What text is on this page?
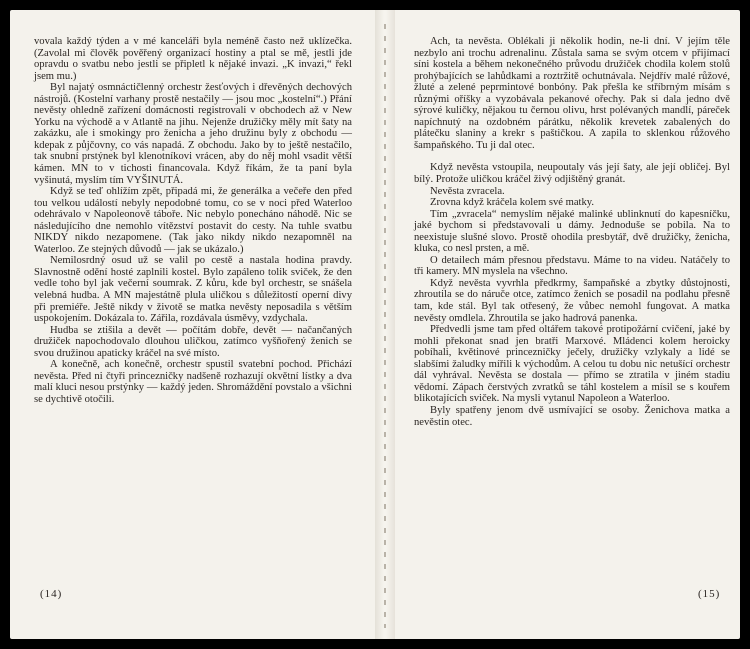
vovala každý týden a v mé kanceláři byla neméně často než uklízečka. (Zavolal mi člověk pověřený organizací hostiny a ptal se mě, jestli jde opravdu o svatbu nebo jestli se připletl k nějaké invazi. „K invazi,“ řekl jsem mu.)

Byl najatý osmnáctičlenný orchestr žesťových i dřevěných dechových nástrojů. (Kostelní varhany prostě nestačily — jsou moc „kostelní“.) Přání nevěsty ohledně zařízení domácnosti registrovali v obchodech až v New Yorku na východě a v Atlantě na jihu. Nejenže družičky měly mít šaty na zakázku, ale i smokingy pro ženicha a jeho družinu byly z obchodu — kdepak z půjčovny, co vás napadá. Z obchodu. Jako by to ještě nestačilo, tak snubní prstýnek byl klenotníkovi vrácen, aby do něj mohl vsadit větší kámen. MN to v tichosti financovala. Když říkám, že ta paní byla vyšinutá, myslím tím VYŠINUTÁ.

Když se teď ohlížím zpět, připadá mi, že generálka a večeře den před tou velkou událostí nebyly nepodobné tomu, co se v noci před Waterloo odehrávalo v Napoleonově táboře. Nic nebylo ponecháno náhodě. Nic se následujícího dne nemohlo vítězství postavit do cesty. Na tuhle svatbu NIKDY nikdo nezapomene. (Tak jako nikdy nikdo nezapomněl na Waterloo. Ze stejných důvodů — jak se ukázalo.)

Nemilosrdný osud už se valil po cestě a nastala hodina pravdy. Slavnostně odění hosté zaplnili kostel. Bylo zapáleno tolik sviček, že den vedle toho byl jak večerní soumrak. Z kůru, kde byl orchestr, se snášela velebná hudba. A MN majestátně plula uličkou s důležitostí operní divy při premiéře. Ještě nikdy v životě se matka nevěsty neposadila s větším uspokojením. Dokázala to. Zářila, rozdávala úsměvy, vzdychala.

Hudba se ztišila a devět — počítám dobře, devět — načančaných družiček napochodovalo dlouhou uličkou, zatímco vyšňořený ženich se svou družinou apaticky kráčel na své místo.

A konečně, ach konečně, orchestr spustil svatební pochod. Přichází nevěsta. Před ni čtyři princezničky nadšeně rozhazují okvětní lístky a dva malí kluci nesou prstýnky — každý jeden. Shromáždění povstalo a všichni se dychtivě otočili.

(14)

Ach, ta nevěsta. Oblékali ji několik hodin, ne-li dní. V jejím těle nezbylo ani trochu adrenalinu. Zůstala sama se svým otcem v přijímací síni kostela a během nekonečného průvodu družiček chodila kolem stolů prohýbajících se lahůdkami a roztržitě ochutnávala. Nejdřív malé růžové, žluté a zelené peprmintové bonbóny. Pak přešla ke stříbrným mísám s různými oříšky a vyzobávala pekanové ořechy. Pak si dala jedno dvě sýrové kuličky, nějakou tu černou olivu, hrst polévaných mandlí, páreček napíchnutý na ozdobném párátku, několik krevetek zabalených do plátečku slaniny a krekr s paštičkou. A zapila to sklenkou růžového šampaňského. Tu ji dal otec.

Když nevěsta vstoupila, neupoutaly vás její šaty, ale její obličej. Byl bílý. Protože uličkou kráčel živý odjištěný granát.

Nevěsta zvracela.

Zrovna když kráčela kolem své matky.

Tím „zvracela“ nemyslím nějaké malinké ublinknutí do kapesníčku, jaké bychom si představovali u dámy. Jednoduše se pobila. Na to neexistuje slušné slovo. Prostě ohodila presbytář, dvě družičky, ženicha, kluka, co nesl prsten, a mě.

O detailech mám přesnou představu. Máme to na videu. Natáčely to tři kamery. MN myslela na všechno.

Když nevěsta vyvrhla předkrmy, šampaňské a zbytky důstojnosti, zhroutila se do náruče otce, zatímco ženich se posadil na podlahu přesně tam, kde stál. Byl tak otřesený, že vůbec nemohl fungovat. A matka nevěsty omdlela. Zhroutila se jako hadrová panenka.

Předvedli jsme tam před oltářem takové protipožární cvičení, jaké by mohli překonat snad jen bratři Marxové. Mládenci kolem heroicky pobíhali, květinové princezničky ječely, družičky vzlykaly a lidé se slabšími žaludky mířili k východům. A celou tu dobu nic netušící orchestr dál vyhrával. Nevěsta se dostala — přímo se ztratila v jiném stadiu vědomí. Zápach čerstvých zvratků se táhl kostelem a mísil se s kouřem blikotajících sviček. Na mysli vytanul Napoleon a Waterloo.

Byly spatřeny jenom dvě usmívající se osoby. Ženichova matka a nevěstin otec.

(15)
